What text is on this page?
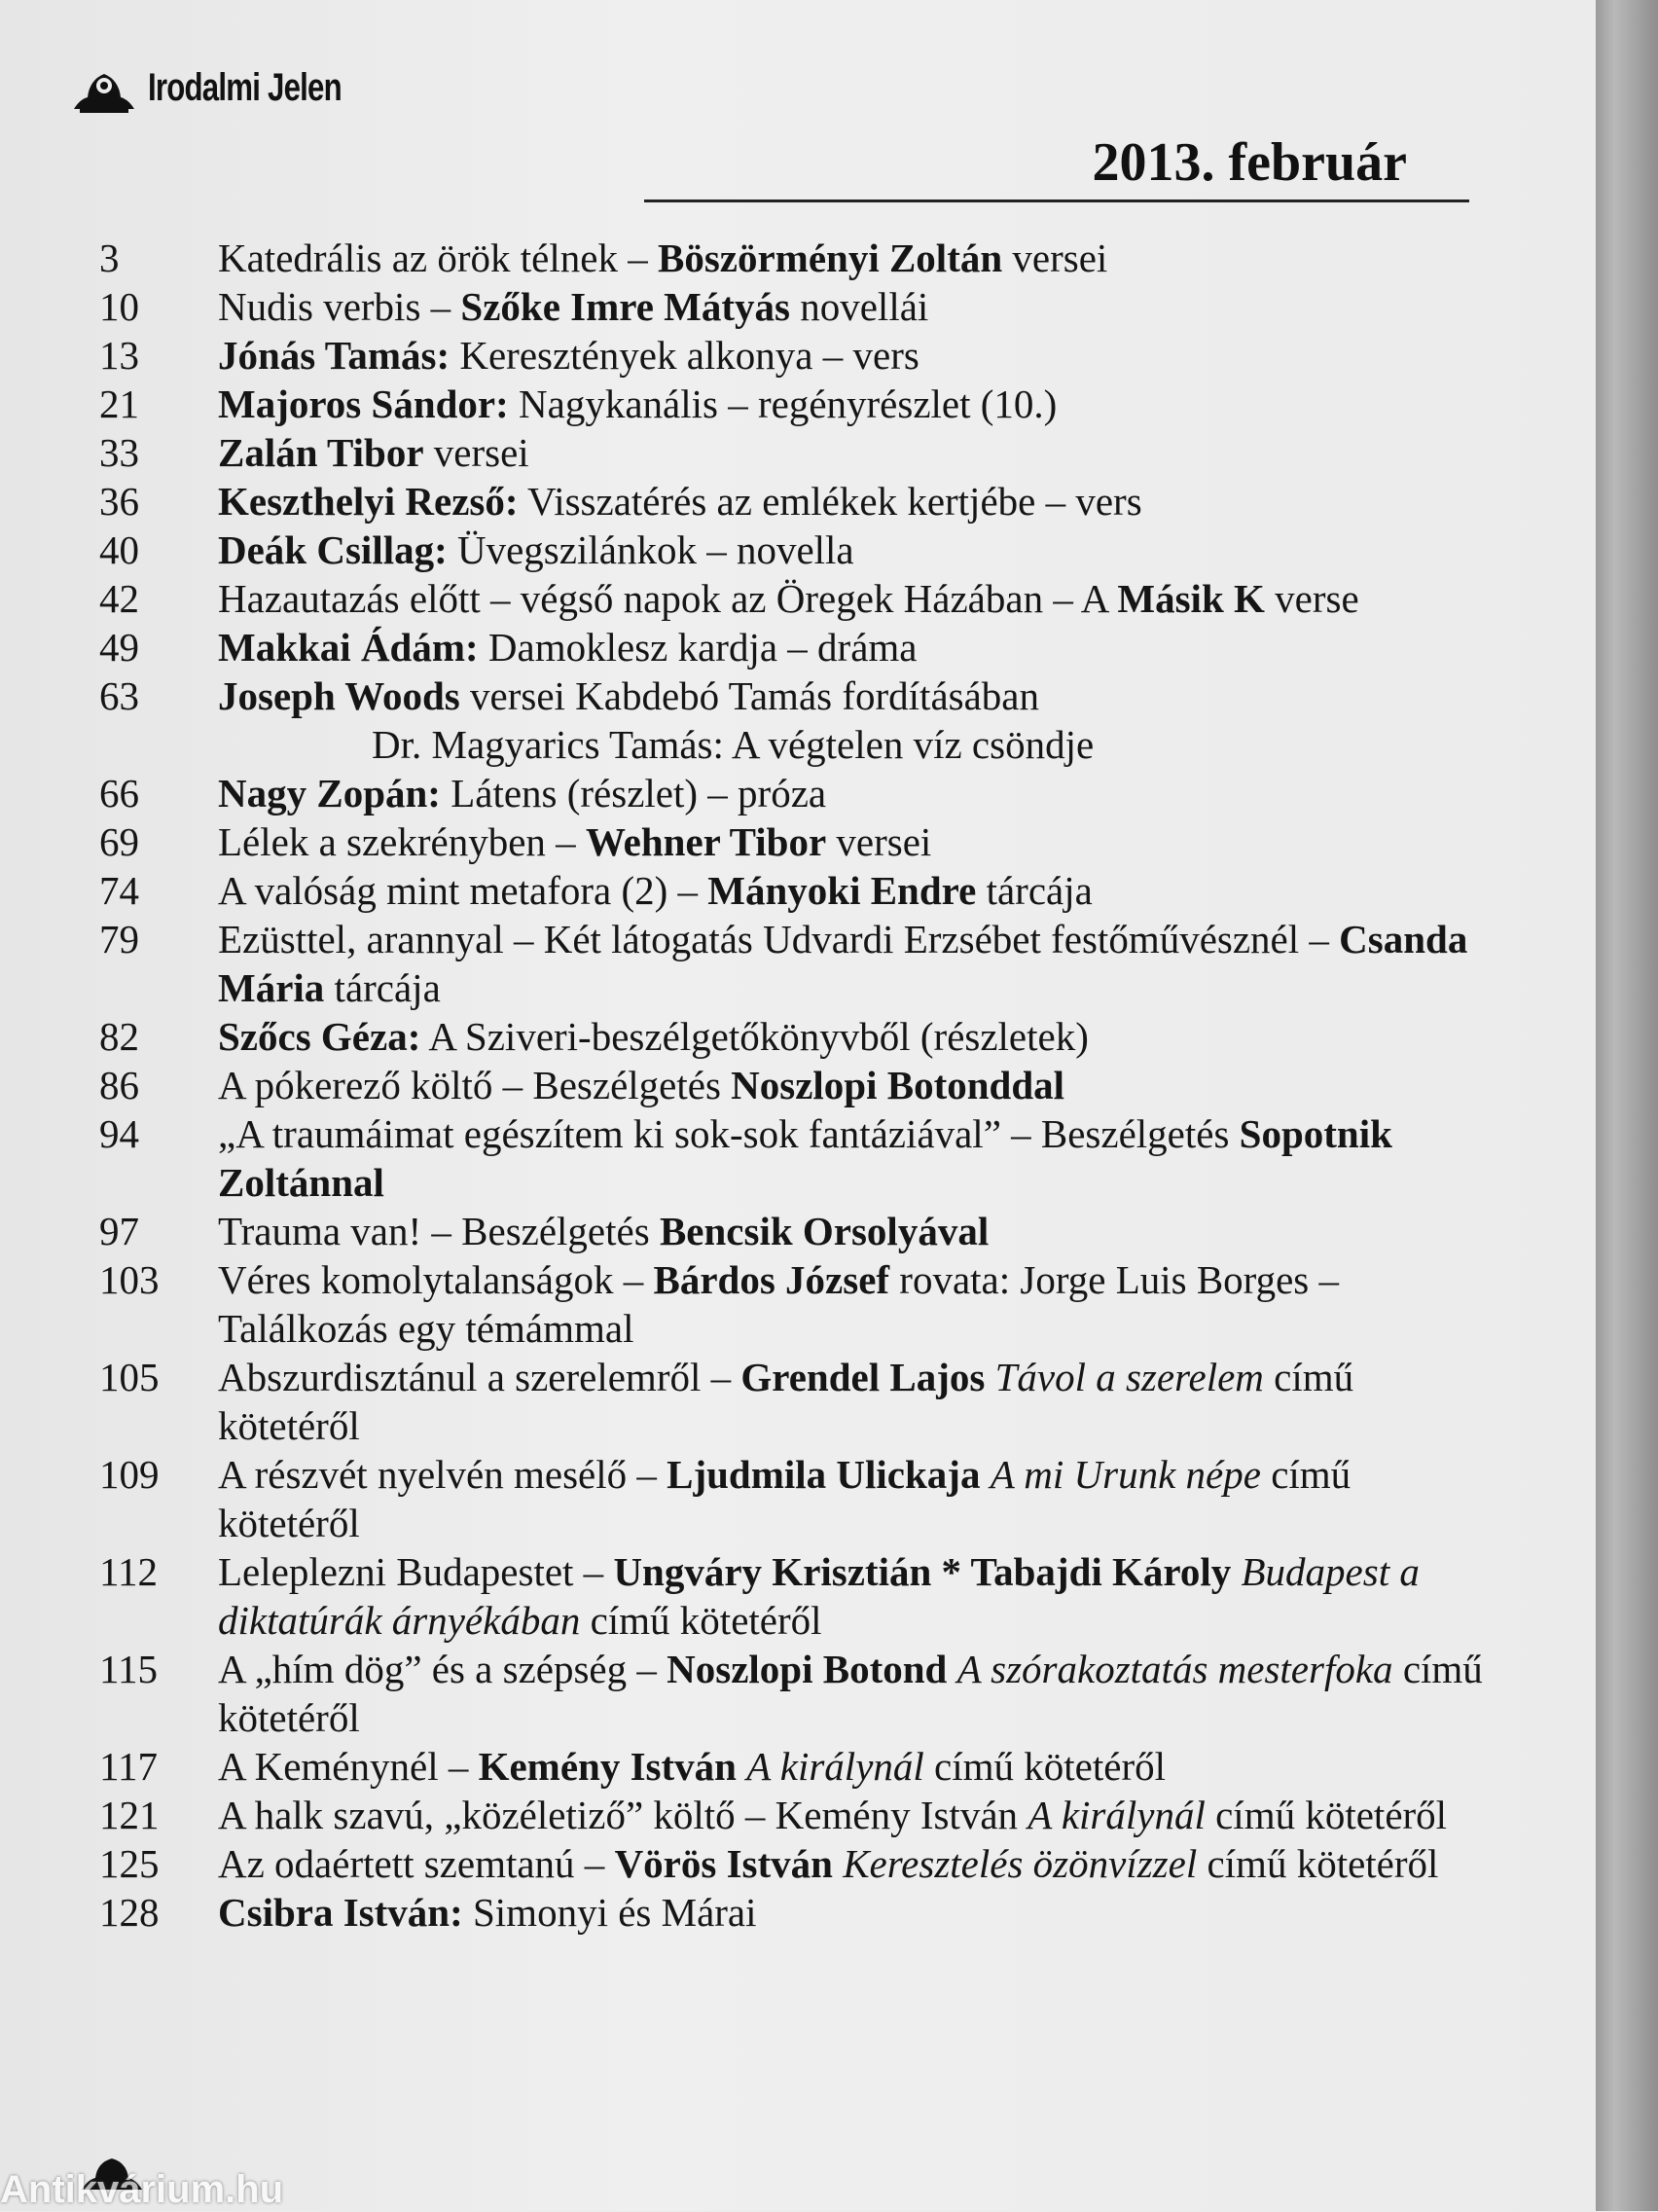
Irodalmi Jelen
2013. február
3	Katedrális az örök télnek – Böszörményi Zoltán versei
10	Nudis verbis – Szőke Imre Mátyás novellái
13	Jónás Tamás: Keresztények alkonya – vers
21	Majoros Sándor: Nagykanális – regényrészlet (10.)
33	Zalán Tibor versei
36	Keszthelyi Rezső: Visszatérés az emlékek kertjébe – vers
40	Deák Csillag: Üvegszilánkok – novella
42	Hazautazás előtt – végső napok az Öregek Házában – A Másik K verse
49	Makkai Ádám: Damoklesz kardja – dráma
63	Joseph Woods versei Kabdebó Tamás fordításában
Dr. Magyarics Tamás: A végtelen víz csöndje
66	Nagy Zopán: Látens (részlet) – próza
69	Lélek a szekrényben – Wehner Tibor versei
74	A valóság mint metafora (2) – Mányoki Endre tárcája
79	Ezüsttel, arannyal – Két látogatás Udvardi Erzsébet festőművésznél – Csanda Mária tárcája
82	Szőcs Géza: A Sziveri-beszélgetőkönyvből (részletek)
86	A pókerező költő – Beszélgetés Noszlopi Botonddal
94	„A traumáimat egészítem ki sok-sok fantáziával” – Beszélgetés Sopotnik Zoltánnal
97	Trauma van! – Beszélgetés Bencsik Orsolyával
103	Véres komolytalanságok – Bárdos József rovata: Jorge Luis Borges – Találkozás egy témámmal
105	Abszurdisztánul a szerelemről – Grendel Lajos Távol a szerelem című kötetéről
109	A részvét nyelvén mesélő – Ljudmila Ulickaja A mi Urunk népe című kötetéről
112	Leleplezni Budapestet – Ungváry Krisztián * Tabajdi Károly Budapest a diktatúrák árnyékában című kötetéről
115	A „hím dög” és a szépség – Noszlopi Botond A szórakoztatás mesterfoka című kötetéről
117	A Keménynél – Kemény István A királynál című kötetéről
121	A halk szavú, „közéletiző” költő – Kemény István A királynál című kötetéről
125	Az odaértett szemtanú – Vörös István Keresztelés özönvízzel című kötetéről
128	Csibra István: Simonyi és Márai
Antikvárium.hu
